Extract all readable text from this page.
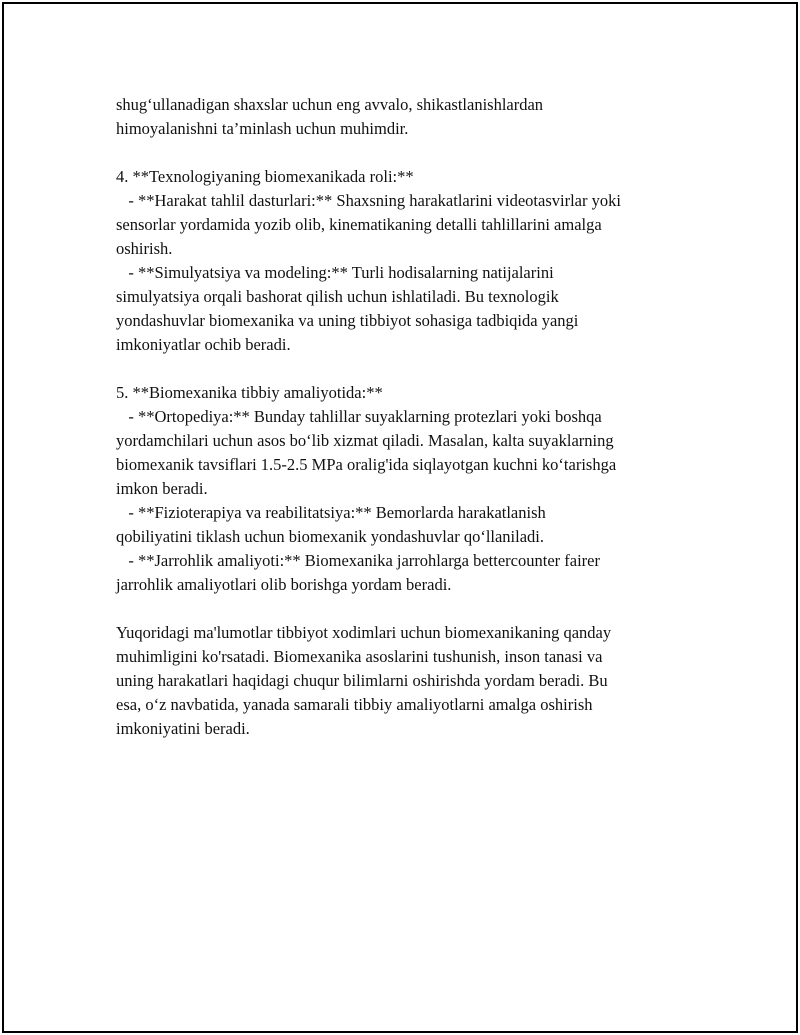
shug‘ullanadigan shaxslar uchun eng avvalo, shikastlanishlardan
himoyalanishni ta’minlash uchun muhimdir.
4. **Texnologiyaning biomexanikada roli:**
- **Harakat tahlil dasturlari:** Shaxsning harakatlarini videotasvirlar yoki
sensorlar yordamida yozib olib, kinematikaning detalli tahlillarini amalga
oshirish.
- **Simulyatsiya va modeling:** Turli hodisalarning natijalarini
simulyatsiya orqali bashorat qilish uchun ishlatiladi. Bu texnologik
yondashuvlar biomexanika va uning tibbiyot sohasiga tadbiqida yangi
imkoniyatlar ochib beradi.
5. **Biomexanika tibbiy amaliyotida:**
- **Ortopediya:** Bunday tahlillar suyaklarning protezlari yoki boshqa
yordamchilari uchun asos bo‘lib xizmat qiladi. Masalan, kalta suyaklarning
biomexanik tavsiflari 1.5-2.5 MPa oralig'ida siqlayotgan kuchni ko‘tarishga
imkon beradi.
- **Fizioterapiya va reabilitatsiya:** Bemorlarda harakatlanish
qobiliyatini tiklash uchun biomexanik yondashuvlar qo‘llaniladi.
- **Jarrohlik amaliyoti:** Biomexanika jarrohlarga bettercounter fairer
jarrohlik amaliyotlari olib borishga yordam beradi.
Yuqoridagi ma'lumotlar tibbiyot xodimlari uchun biomexanikaning qanday
muhimligini ko'rsatadi. Biomexanika asoslarini tushunish, inson tanasi va
uning harakatlari haqidagi chuqur bilimlarni oshirishda yordam beradi. Bu
esa, o‘z navbatida, yanada samarali tibbiy amaliyotlarni amalga oshirish
imkoniyatini beradi.
